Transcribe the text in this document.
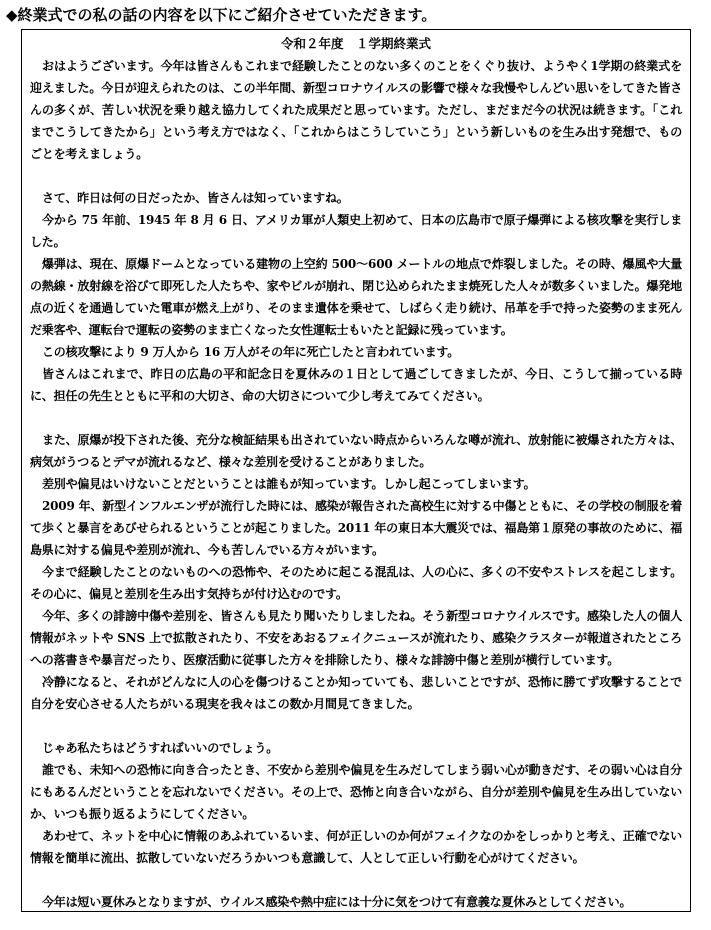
◆終業式での私の話の内容を以下にご紹介させていただきます。
令和２年度　１学期終業式
おはようございます。今年は皆さんもこれまで経験したことのない多くのことをくぐり抜け、ようやく1学期の終業式を迎えました。今日が迎えられたのは、この半年間、新型コロナウイルスの影響で様々な我慢やしんどい思いをしてきた皆さんの多くが、苦しい状況を乗り越え協力してくれた成果だと思っています。ただし、まだまだ今の状況は続きます。「これまでこうしてきたから」という考え方ではなく、「これからはこうしていこう」という新しいものを生み出す発想で、ものごとを考えましょう。
さて、昨日は何の日だったか、皆さんは知っていますね。
今から 75 年前、1945 年 8 月 6 日、アメリカ軍が人類史上初めて、日本の広島市で原子爆弾による核攻撃を実行しました。
爆弾は、現在、原爆ドームとなっている建物の上空約 500～600 メートルの地点で炸裂しました。その時、爆風や大量の熱線・放射線を浴びて即死した人たちや、家やビルが崩れ、閉じ込められたまま焼死した人々が数多くいました。爆発地点の近くを通過していた電車が燃え上がり、そのまま遺体を乗せて、しばらく走り続け、吊革を手で持った姿勢のまま死んだ乗客や、運転台で運転の姿勢のまま亡くなった女性運転士もいたと記録に残っています。
この核攻撃により 9 万人から 16 万人がその年に死亡したと言われています。
皆さんはこれまで、昨日の広島の平和記念日を夏休みの１日として過ごしてきましたが、今日、こうして揃っている時に、担任の先生とともに平和の大切さ、命の大切さについて少し考えてみてください。
また、原爆が投下された後、充分な検証結果も出されていない時点からいろんな噂が流れ、放射能に被爆された方々は、病気がうつるとデマが流れるなど、様々な差別を受けることがありました。
差別や偏見はいけないことだということは誰もが知っています。しかし起こってしまいます。
2009 年、新型インフルエンザが流行した時には、感染が報告された高校生に対する中傷とともに、その学校の制服を着て歩くと暴言をあびせられるということが起こりました。2011 年の東日本大震災では、福島第１原発の事故のために、福島県に対する偏見や差別が流れ、今も苦しんでいる方々がいます。
今まで経験したことのないものへの恐怖や、そのために起こる混乱は、人の心に、多くの不安やストレスを起こします。その心に、偏見と差別を生み出す気持ちが付け込むのです。
今年、多くの誹謗中傷や差別を、皆さんも見たり聞いたりしましたね。そう新型コロナウイルスです。感染した人の個人情報がネットや SNS 上で拡散されたり、不安をあおるフェイクニュースが流れたり、感染クラスターが報道されたところへの落書きや暴言だったり、医療活動に従事した方々を排除したり、様々な誹謗中傷と差別が横行しています。
冷静になると、それがどんなに人の心を傷つけることか知っていても、悲しいことですが、恐怖に勝てず攻撃することで自分を安心させる人たちがいる現実を我々はこの数か月間見てきました。
じゃあ私たちはどうすればいいのでしょう。
誰でも、未知への恐怖に向き合ったとき、不安から差別や偏見を生みだしてしまう弱い心が動きだす、その弱い心は自分にもあるんだということを忘れないでください。その上で、恐怖と向き合いながら、自分が差別や偏見を生み出していないか、いつも振り返るようにしてください。
あわせて、ネットを中心に情報のあふれているいま、何が正しいのか何がフェイクなのかをしっかりと考え、正確でない情報を簡単に流出、拡散していないだろうかいつも意識して、人として正しい行動を心がけてください。
今年は短い夏休みとなりますが、ウイルス感染や熱中症には十分に気をつけて有意義な夏休みとしてください。
